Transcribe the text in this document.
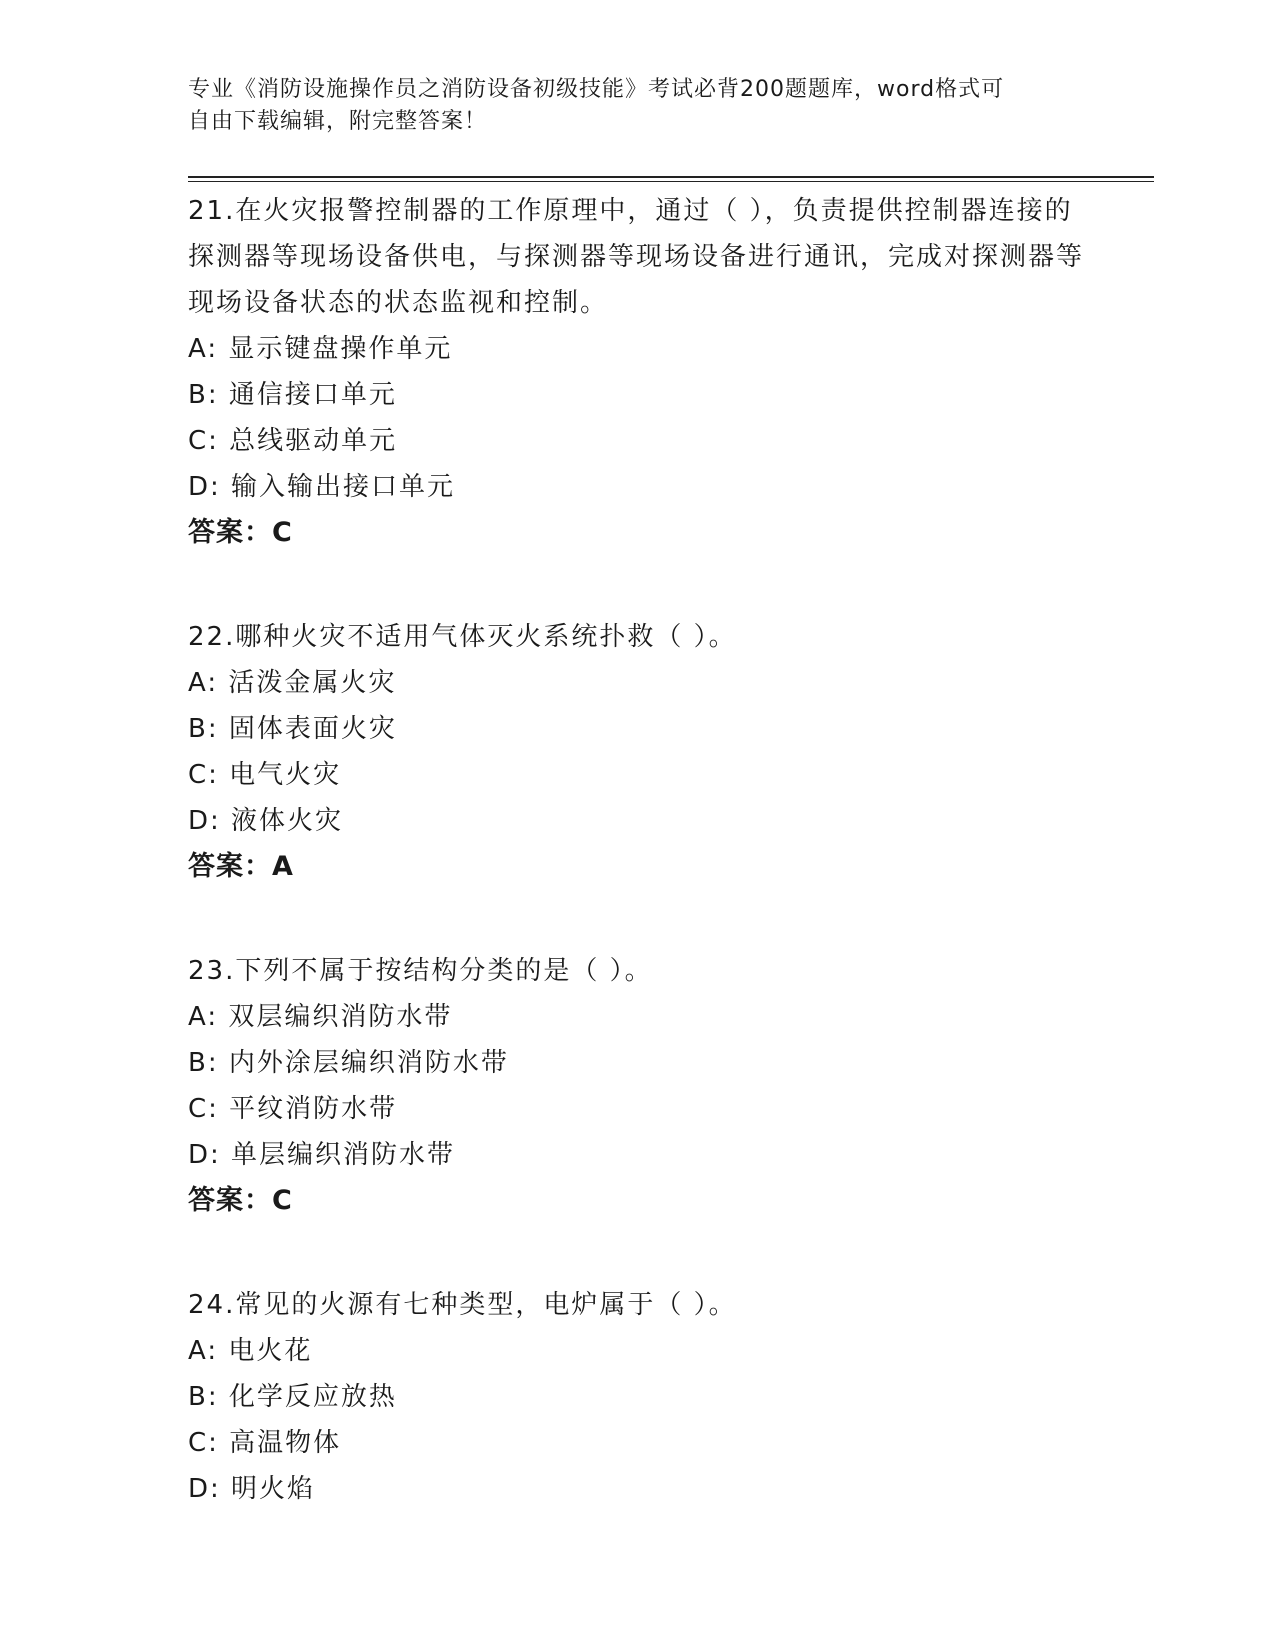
专业《消防设施操作员之消防设备初级技能》考试必背200题题库，word格式可
自由下载编辑，附完整答案！

21.在火灾报警控制器的工作原理中，通过（ ），负责提供控制器连接的探测器等现场设备供电，与探测器等现场设备进行通讯，完成对探测器等现场设备状态的状态监视和控制。

A: 显示键盘操作单元
B: 通信接口单元
C: 总线驱动单元
D: 输入输出接口单元
答案：C

22.哪种火灾不适用气体灭火系统扑救（ ）。

A: 活泼金属火灾
B: 固体表面火灾
C: 电气火灾
D: 液体火灾
答案：A

23.下列不属于按结构分类的是（ ）。

A: 双层编织消防水带
B: 内外涂层编织消防水带
C: 平纹消防水带
D: 单层编织消防水带
答案：C

24.常见的火源有七种类型，电炉属于（ ）。

A: 电火花
B: 化学反应放热
C: 高温物体
D: 明火焰
